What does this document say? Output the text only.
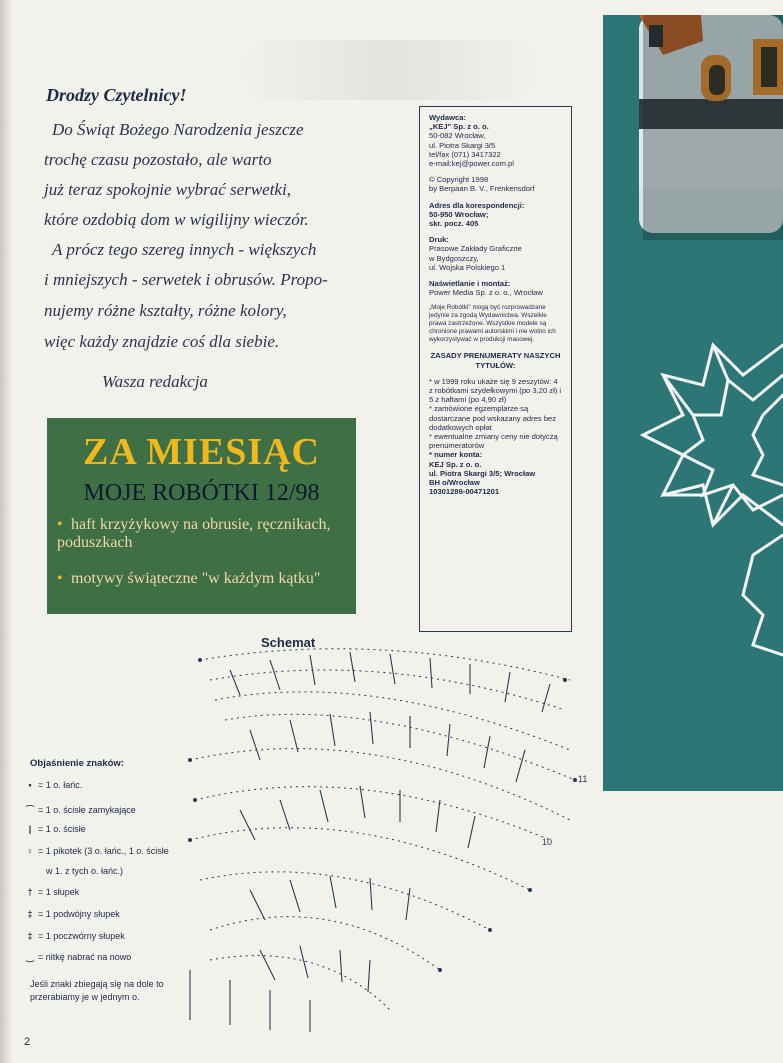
Drodzy Czytelnicy!
Do Świąt Bożego Narodzenia jeszcze
trochę czasu pozostało, ale warto
już teraz spokojnie wybrać serwetki,
które ozdobią dom w wigilijny wieczór.
A prócz tego szereg innych - większych
i mniejszych - serwetek i obrusów. Propo-
nujemy różne kształty, różne kolory,
więc każdy znajdzie coś dla siebie.
Wasza redakcja
ZA MIESIĄC
MOJE ROBÓTKI 12/98
• haft krzyżykowy na obrusie, ręcznikach, poduszkach
• motywy świąteczne "w każdym kątku"
Wydawca:
„KEJ" Sp. z o. o.
50-082 Wrocław,
ul. Piotra Skargi 3/5
tel/fax (071) 3417322
e-mail:kej@power.com.pl
© Copyright 1998
by Berpaan B. V., Frenkensdorf
Adres dla korespondencji:
50-950 Wrocław;
skr. pocz. 405
Druk:
Prasowe Zakłady Graficzne
w Bydgoszczy,
ul. Wojska Polskiego 1
Naświetlanie i montaż:
Power Media Sp. z o. o., Wrocław
„Moje Robótki" mogą być rozprowadzane jedynie za zgodą Wydawnictwa. Wszelkie prawa zastrzeżone. Wszystkie modele są chronione prawami autorskimi i nie wolno ich wykorzystywać w produkcji masowej.
ZASADY PRENUMERATY NASZYCH TYTUŁÓW:
* w 1999 roku ukaże się 9 zeszytów: 4 z robótkami szydełkowymi (po 3,20 zł) i 5 z haftami (po 4,90 zł)
* zamówione egzemplarze są dostarczane pod wskazany adres bez dodatkowych opłat
* ewentualne zmiany ceny nie dotyczą prenumeratorów
* numer konta:
KEJ Sp. z o. o.
ul. Piotra Skargi 3/5; Wrocław
BH o/Wrocław
10301289-00471201
Schemat
11
10
Objaśnienie znaków:
• = 1 o. łańc.
⌒ = 1 o. ścisłe zamykające
| = 1 o. ścisłe
♀ = 1 pikotek (3 o. łańc., 1 o. ścisłe
w 1. z tych o. łańc.)
† = 1 słupek
‡ = 1 podwójny słupek
‡ = 1 poczwórny słupek
‿ = nitkę nabrać na nowo
Jeśli znaki zbiegają się na dole to przerabiamy je w jednym o.
2
